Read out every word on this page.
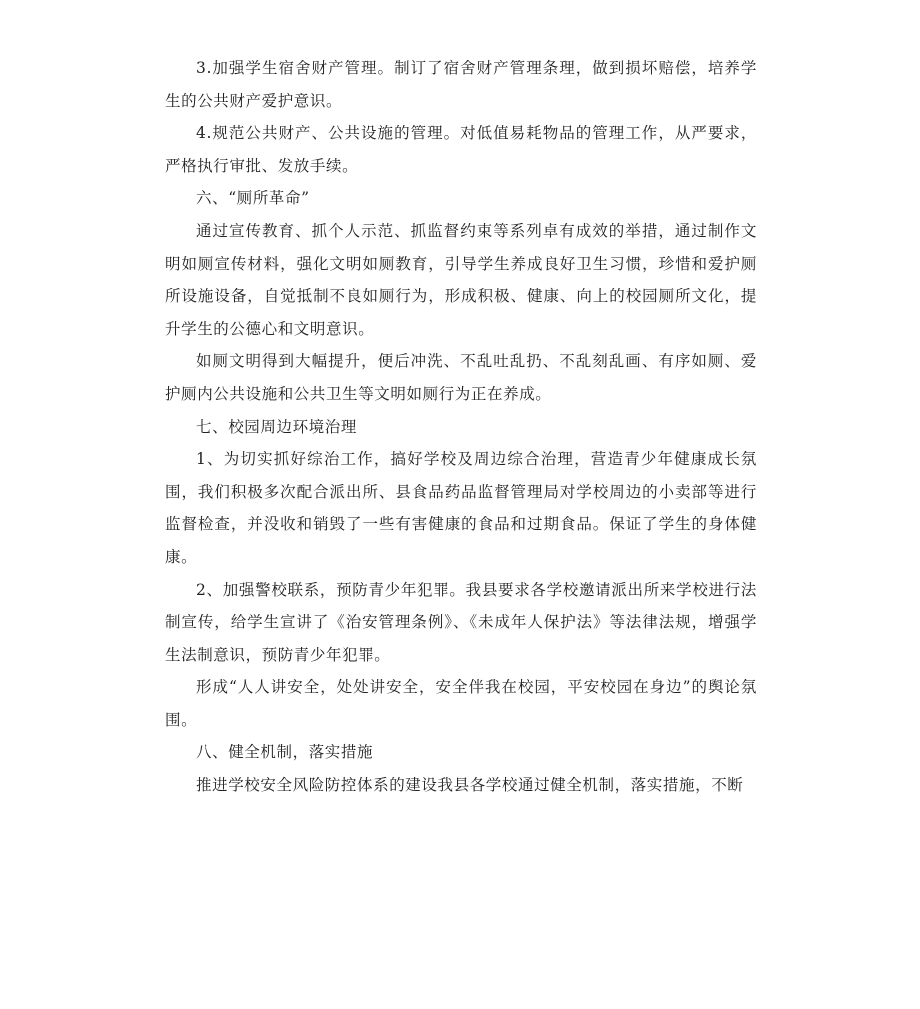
3.加强学生宿舍财产管理。制订了宿舍财产管理条理，做到损坏赔偿，培养学生的公共财产爱护意识。

4.规范公共财产、公共设施的管理。对低值易耗物品的管理工作，从严要求，严格执行审批、发放手续。

六、“厕所革命”

通过宣传教育、抓个人示范、抓监督约束等系列卓有成效的举措，通过制作文明如厕宣传材料，强化文明如厕教育，引导学生养成良好卫生习惯，珍惜和爱护厕所设施设备，自觉抵制不良如厕行为，形成积极、健康、向上的校园厕所文化，提升学生的公德心和文明意识。

如厕文明得到大幅提升，便后冲洗、不乱吐乱扔、不乱刻乱画、有序如厕、爱护厕内公共设施和公共卫生等文明如厕行为正在养成。

七、校园周边环境治理

1、为切实抓好综治工作，搞好学校及周边综合治理，营造青少年健康成长氛围，我们积极多次配合派出所、县食品药品监督管理局对学校周边的小卖部等进行监督检查，并没收和销毁了一些有害健康的食品和过期食品。保证了学生的身体健康。

2、加强警校联系，预防青少年犯罪。我县要求各学校邀请派出所来学校进行法制宣传，给学生宣讲了《治安管理条例》、《未成年人保护法》等法律法规，增强学生法制意识，预防青少年犯罪。

形成“人人讲安全，处处讲安全，安全伴我在校园，平安校园在身边”的舆论氛围。

八、健全机制，落实措施

推进学校安全风险防控体系的建设我县各学校通过健全机制，落实措施，不断
